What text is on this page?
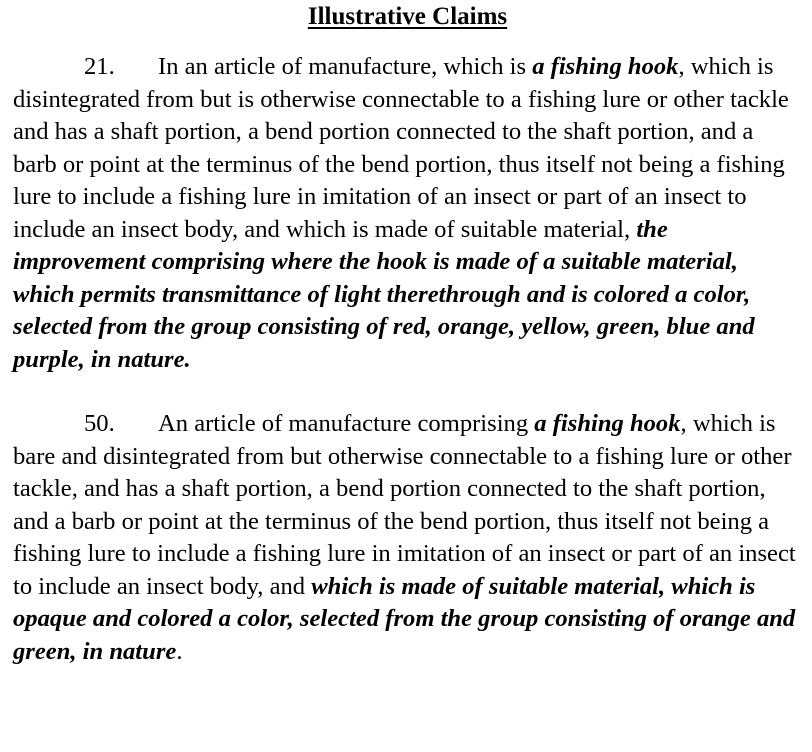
Illustrative Claims

21. In an article of manufacture, which is a fishing hook, which is disintegrated from but is otherwise connectable to a fishing lure or other tackle and has a shaft portion, a bend portion connected to the shaft portion, and a barb or point at the terminus of the bend portion, thus itself not being a fishing lure to include a fishing lure in imitation of an insect or part of an insect to include an insect body, and which is made of suitable material, the improvement comprising where the hook is made of a suitable material, which permits transmittance of light therethrough and is colored a color, selected from the group consisting of red, orange, yellow, green, blue and purple, in nature.

50. An article of manufacture comprising a fishing hook, which is bare and disintegrated from but otherwise connectable to a fishing lure or other tackle, and has a shaft portion, a bend portion connected to the shaft portion, and a barb or point at the terminus of the bend portion, thus itself not being a fishing lure to include a fishing lure in imitation of an insect or part of an insect to include an insect body, and which is made of suitable material, which is opaque and colored a color, selected from the group consisting of orange and green, in nature.
